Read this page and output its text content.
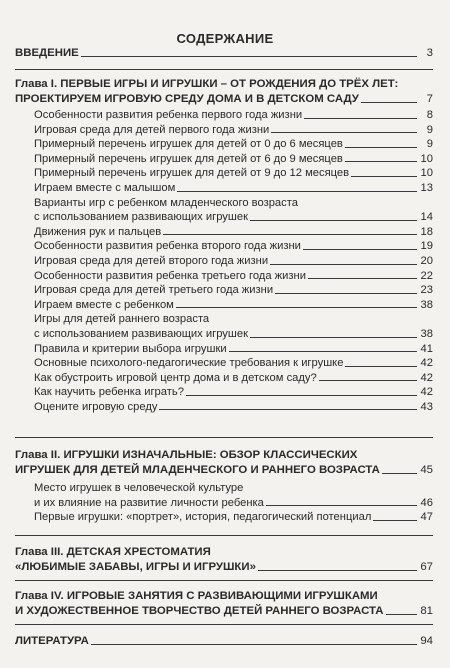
СОДЕРЖАНИЕ
ВВЕДЕНИЕ	3
Глава I. ПЕРВЫЕ ИГРЫ И ИГРУШКИ – ОТ РОЖДЕНИЯ ДО ТРЁХ ЛЕТ:
ПРОЕКТИРУЕМ ИГРОВУЮ СРЕДУ ДОМА И В ДЕТСКОМ САДУ	7
Особенности развития ребенка первого года жизни	8
Игровая среда для детей первого года жизни	9
Примерный перечень игрушек для детей от 0 до 6 месяцев	9
Примерный перечень игрушек для детей от 6 до 9 месяцев	10
Примерный перечень игрушек для детей от 9 до 12 месяцев	10
Играем вместе с малышом	13
Варианты игр с ребенком младенческого возраста
с использованием развивающих игрушек	14
Движения рук и пальцев	18
Особенности развития ребенка второго года жизни	19
Игровая среда для детей второго года жизни	20
Особенности развития ребенка третьего года жизни	22
Игровая среда для детей третьего года жизни	23
Играем вместе с ребенком	38
Игры для детей раннего возраста
с использованием развивающих игрушек	38
Правила и критерии выбора игрушки	41
Основные психолого-педагогические требования к игрушке	42
Как обустроить игровой центр дома и в детском саду?	42
Как научить ребенка играть?	42
Оцените игровую среду	43
Глава II. ИГРУШКИ ИЗНАЧАЛЬНЫЕ: ОБЗОР КЛАССИЧЕСКИХ
ИГРУШЕК ДЛЯ ДЕТЕЙ МЛАДЕНЧЕСКОГО И РАННЕГО ВОЗРАСТА	45
Место игрушек в человеческой культуре
и их влияние на развитие личности ребенка	46
Первые игрушки: «портрет», история, педагогический потенциал	47
Глава III. ДЕТСКАЯ ХРЕСТОМАТИЯ
«ЛЮБИМЫЕ ЗАБАВЫ, ИГРЫ И ИГРУШКИ»	67
Глава IV. ИГРОВЫЕ ЗАНЯТИЯ С РАЗВИВАЮЩИМИ ИГРУШКАМИ
И ХУДОЖЕСТВЕННОЕ ТВОРЧЕСТВО ДЕТЕЙ РАННЕГО ВОЗРАСТА	81
ЛИТЕРАТУРА	94
